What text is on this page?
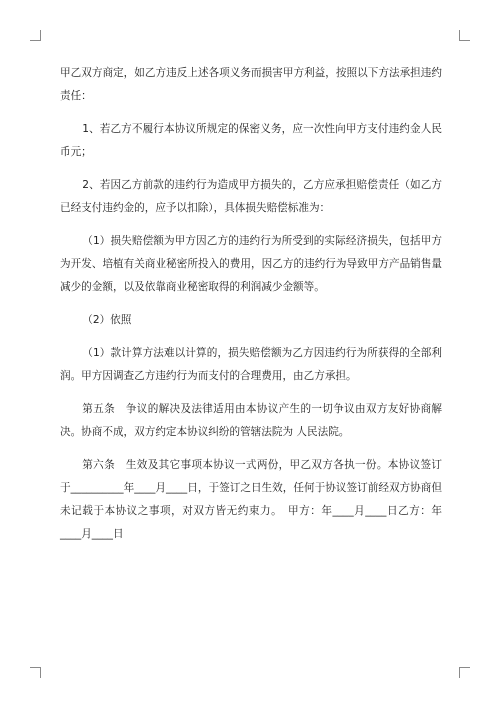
甲乙双方商定，如乙方违反上述各项义务而损害甲方利益，按照以下方法承担违约责任：

1、若乙方不履行本协议所规定的保密义务，应一次性向甲方支付违约金人民币元；

2、若因乙方前款的违约行为造成甲方损失的，乙方应承担赔偿责任（如乙方已经支付违约金的，应予以扣除），具体损失赔偿标准为：

（1）损失赔偿额为甲方因乙方的违约行为所受到的实际经济损失，包括甲方为开发、培植有关商业秘密所投入的费用，因乙方的违约行为导致甲方产品销售量减少的金额，以及依靠商业秘密取得的利润减少金额等。

（2）依照

（1）款计算方法难以计算的，损失赔偿额为乙方因违约行为所获得的全部利润。甲方因调查乙方违约行为而支付的合理费用，由乙方承担。

第五条　争议的解决及法律适用由本协议产生的一切争议由双方友好协商解决。协商不成，双方约定本协议纠纷的管辖法院为 人民法院。

第六条　生效及其它事项本协议一式两份，甲乙双方各执一份。本协议签订于__________年____月____日，于签订之日生效，任何于协议签订前经双方协商但未记载于本协议之事项，对双方皆无约束力。　甲方：年____月____日乙方：年____月____日
